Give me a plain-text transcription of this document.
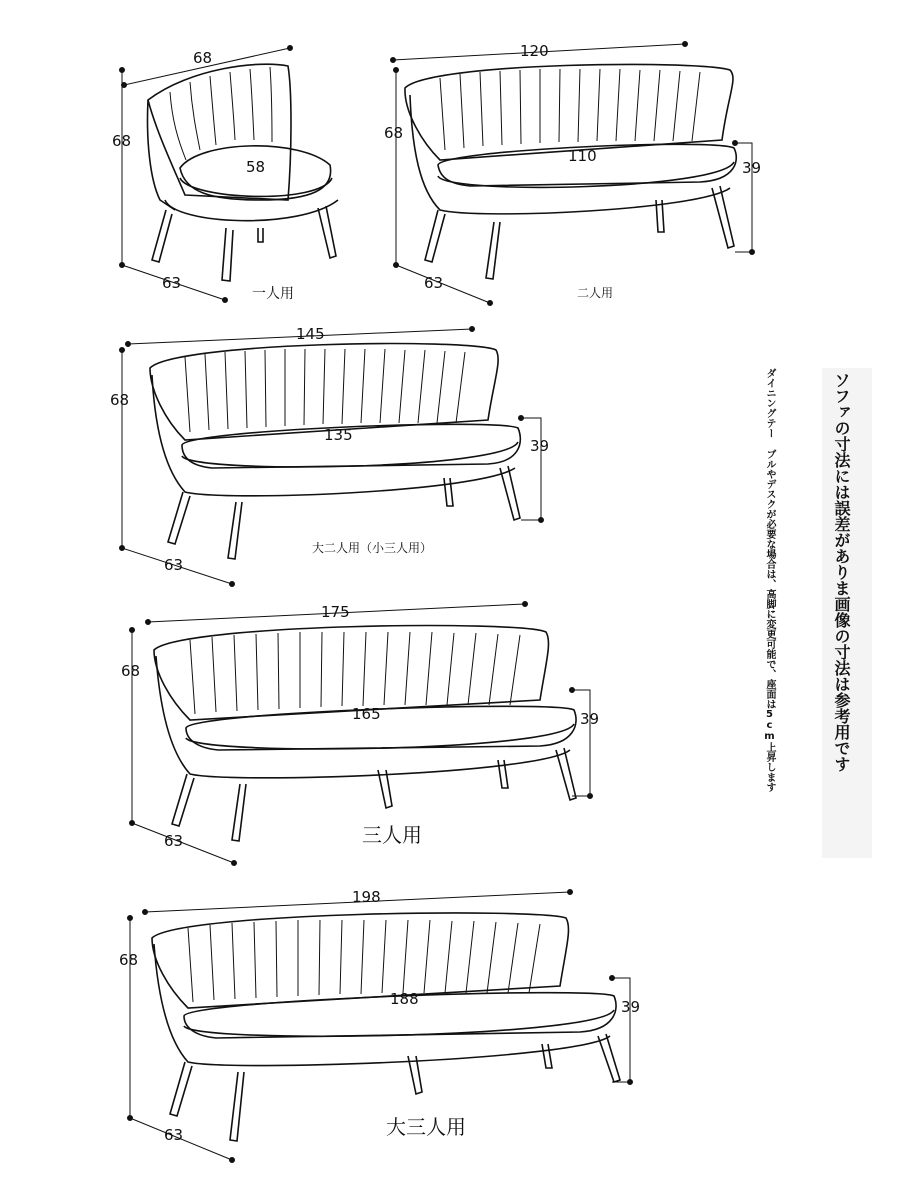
ソファの寸法には誤差がありま画像の寸法は参考用です
ダイニングテー ブルやデスクが必要な場合は、高脚に変更可能で、座面は5cm上昇します
68
68
58
63
一人用
120
68
110
63
39
二人用
145
68
135
63
39
大二人用（小三人用）
175
68
165
63
39
三人用
198
68
188
63
39
大三人用
